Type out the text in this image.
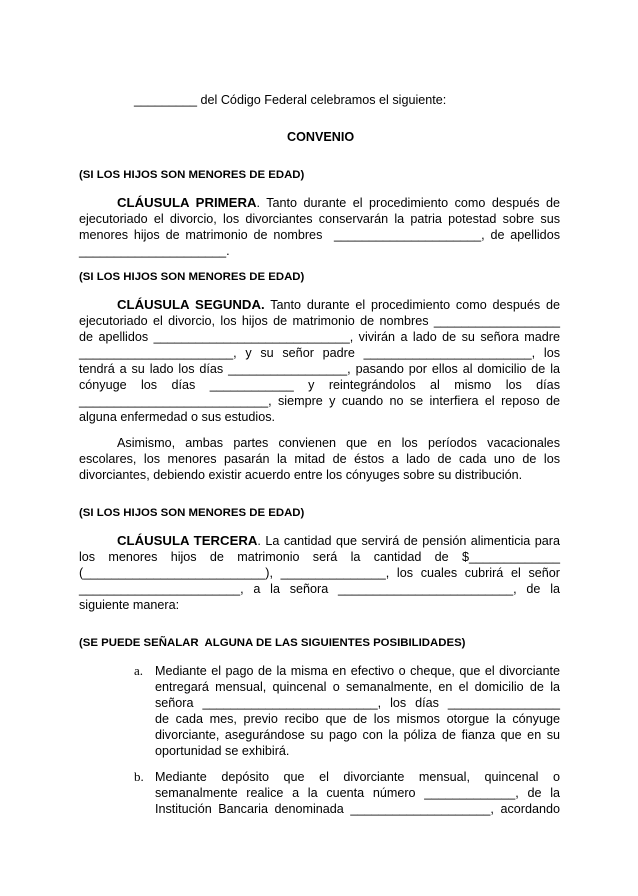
_________ del Código Federal celebramos el siguiente:
CONVENIO
(SI LOS HIJOS SON MENORES DE EDAD)
CLÁUSULA PRIMERA. Tanto durante el procedimiento como después de
ejecutoriado el divorcio, los divorciantes conservarán la patria potestad sobre sus
menores hijos de matrimonio de nombres  _____________________, de apellidos
_____________________.
(SI LOS HIJOS SON MENORES DE EDAD)
CLÁUSULA SEGUNDA. Tanto durante el procedimiento como después de
ejecutoriado el divorcio, los hijos de matrimonio de nombres __________________
de apellidos ____________________________, vivirán a lado de su señora madre
______________________, y su señor padre ________________________, los
tendrá a su lado los días _________________, pasando por ellos al domicilio de la
cónyuge los días ____________ y reintegrándolos al mismo los días
___________________________, siempre y cuando no se interfiera el reposo de
alguna enfermedad o sus estudios.
Asimismo, ambas partes convienen que en los períodos vacacionales
escolares, los menores pasarán la mitad de éstos a lado de cada uno de los
divorciantes, debiendo existir acuerdo entre los cónyuges sobre su distribución.
(SI LOS HIJOS SON MENORES DE EDAD)
CLÁUSULA TERCERA. La cantidad que servirá de pensión alimenticia para
los menores hijos de matrimonio será la cantidad de $_____________
(__________________________), _______________, los cuales cubrirá el señor
_______________________, a la señora _________________________, de la
siguiente manera:
(SE PUEDE SEÑALAR  ALGUNA DE LAS SIGUIENTES POSIBILIDADES)
a. Mediante el pago de la misma en efectivo o cheque, que el divorciante
entregará mensual, quincenal o semanalmente, en el domicilio de la
señora _________________________, los días ________________
de cada mes, previo recibo que de los mismos otorgue la cónyuge
divorciante, asegurándose su pago con la póliza de fianza que en su
oportunidad se exhibirá.
b. Mediante depósito que el divorciante mensual, quincenal o
semanalmente realice a la cuenta número _____________, de la
Institución Bancaria denominada ____________________, acordando
